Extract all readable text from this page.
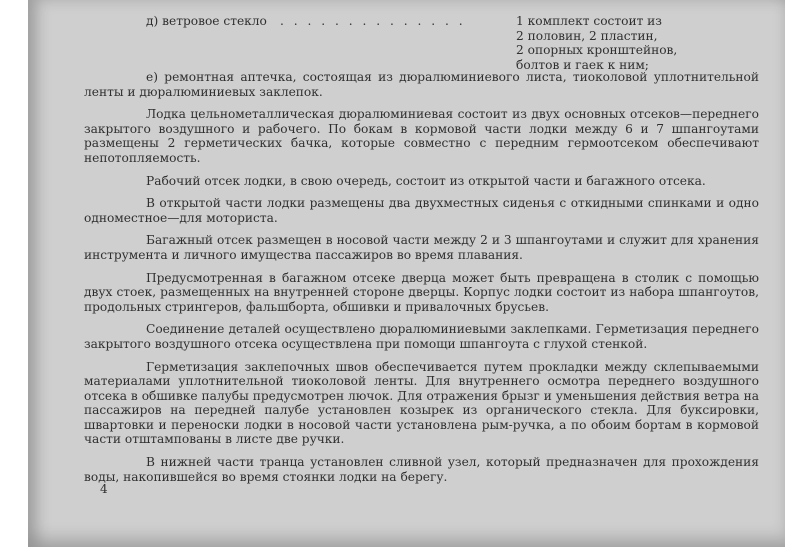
д) ветровое стекло . . . . . . . . . . . . . .	1 комплект состоит из
2 половин, 2 пластин,
2 опорных кронштейнов,
болтов и гаек к ним;

е) ремонтная аптечка, состоящая из дюралюминиевого листа, тиоколовой уплотнительной ленты и дюралюминиевых заклепок.

Лодка цельнометаллическая дюралюминиевая состоит из двух основных отсеков—переднего закрытого воздушного и рабочего. По бокам в кормовой части лодки между 6 и 7 шпангоутами размещены 2 герметических бачка, которые совместно с передним гермоотсеком обеспечивают непотопляемость.

Рабочий отсек лодки, в свою очередь, состоит из открытой части и багажного отсека.

В открытой части лодки размещены два двухместных сиденья с откидными спинками и одно одноместное—для моториста.

Багажный отсек размещен в носовой части между 2 и 3 шпангоутами и служит для хранения инструмента и личного имущества пассажиров во время плавания.

Предусмотренная в багажном отсеке дверца может быть превращена в столик с помощью двух стоек, размещенных на внутренней стороне дверцы. Корпус лодки состоит из набора шпангоутов, продольных стрингеров, фальшборта, обшивки и привалочных брусьев.

Соединение деталей осуществлено дюралюминиевыми заклепками. Герметизация переднего закрытого воздушного отсека осуществлена при помощи шпангоута с глухой стенкой.

Герметизация заклепочных швов обеспечивается путем прокладки между склепываемыми материалами уплотнительной тиоколовой ленты. Для внутреннего осмотра переднего воздушного отсека в обшивке палубы предусмотрен лючок. Для отражения брызг и уменьшения действия ветра на пассажиров на передней палубе установлен козырек из органического стекла. Для буксировки, швартовки и переноски лодки в носовой части установлена рым-ручка, а по обоим бортам в кормовой части отштампованы в листе две ручки.

В нижней части транца установлен сливной узел, который предназначен для прохождения воды, накопившейся во время стоянки лодки на берегу.

4
